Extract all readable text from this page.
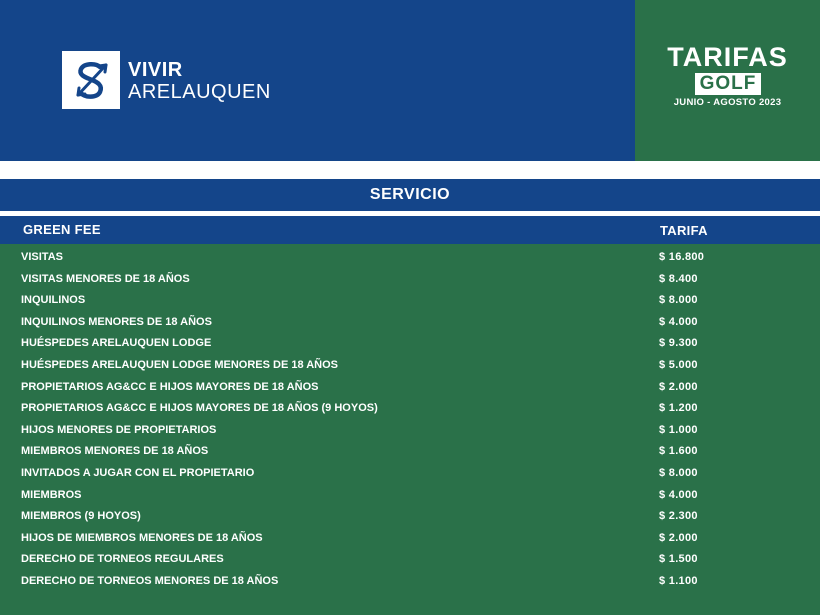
VIVIR
ARELAUQUEN
TARIFAS
GOLF
JUNIO - AGOSTO 2023
SERVICIO
GREEN FEE	TARIFA
VISITAS	$ 16.800
VISITAS MENORES DE 18 AÑOS	$ 8.400
INQUILINOS	$ 8.000
INQUILINOS MENORES DE 18 AÑOS	$ 4.000
HUÉSPEDES ARELAUQUEN LODGE	$ 9.300
HUÉSPEDES ARELAUQUEN LODGE MENORES DE 18 AÑOS	$ 5.000
PROPIETARIOS AG&CC E HIJOS MAYORES DE 18 AÑOS	$ 2.000
PROPIETARIOS AG&CC E HIJOS MAYORES DE 18 AÑOS (9 HOYOS)	$ 1.200
HIJOS MENORES DE PROPIETARIOS	$ 1.000
MIEMBROS MENORES DE 18 AÑOS	$ 1.600
INVITADOS A JUGAR CON EL PROPIETARIO	$ 8.000
MIEMBROS	$ 4.000
MIEMBROS (9 HOYOS)	$ 2.300
HIJOS DE MIEMBROS MENORES DE 18 AÑOS	$ 2.000
DERECHO DE TORNEOS REGULARES	$ 1.500
DERECHO DE TORNEOS MENORES DE 18 AÑOS	$ 1.100
